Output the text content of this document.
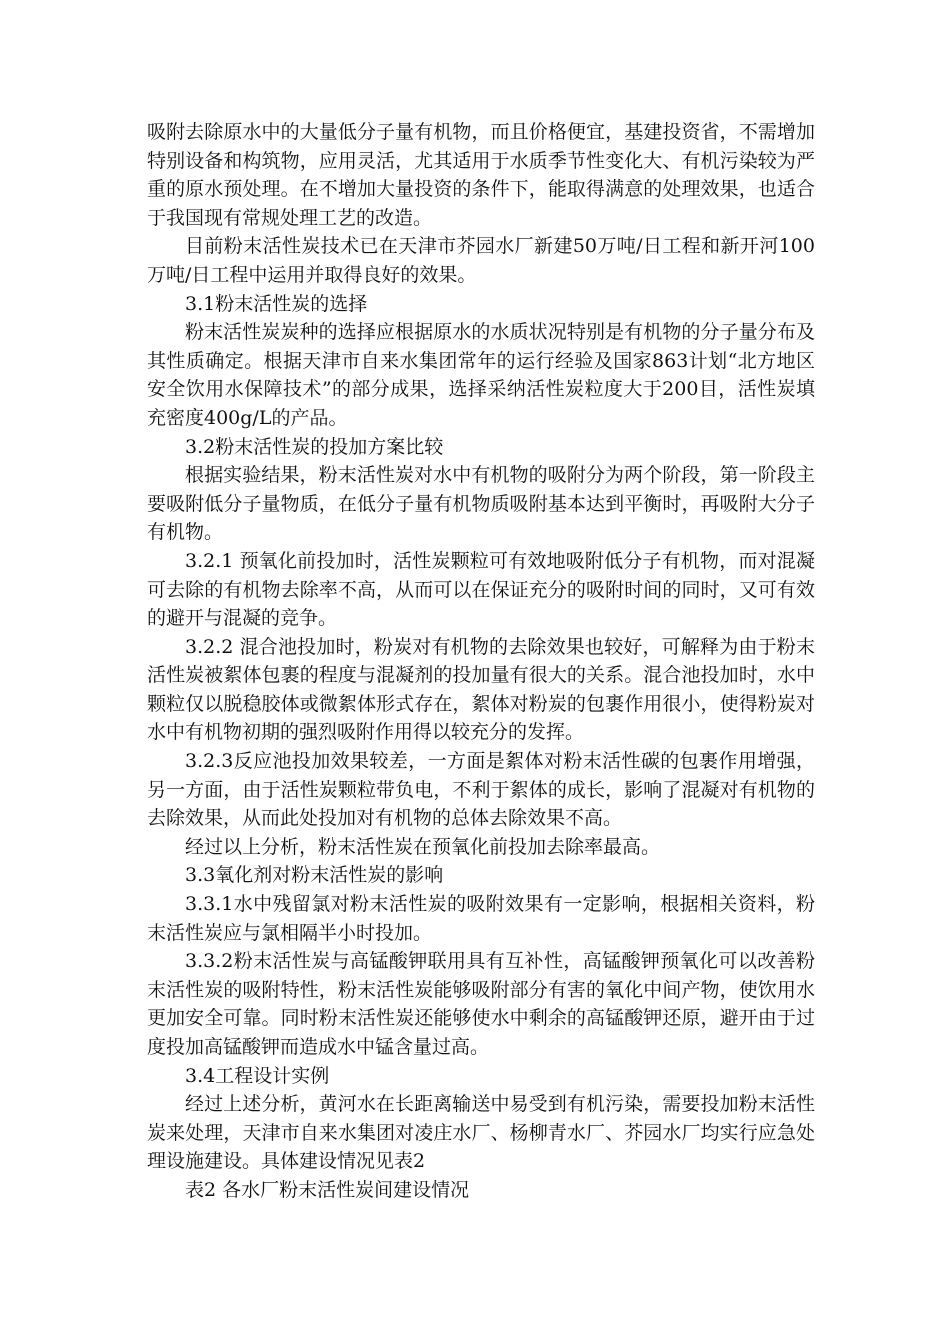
吸附去除原水中的大量低分子量有机物，而且价格便宜，基建投资省，不需增加特别设备和构筑物，应用灵活，尤其适用于水质季节性变化大、有机污染较为严重的原水预处理。在不增加大量投资的条件下，能取得满意的处理效果，也适合于我国现有常规处理工艺的改造。

目前粉末活性炭技术已在天津市芥园水厂新建50万吨/日工程和新开河100万吨/日工程中运用并取得良好的效果。

3.1粉末活性炭的选择

粉末活性炭炭种的选择应根据原水的水质状况特别是有机物的分子量分布及其性质确定。根据天津市自来水集团常年的运行经验及国家863计划“北方地区安全饮用水保障技术”的部分成果，选择采纳活性炭粒度大于200目，活性炭填充密度400g/L的产品。

3.2粉末活性炭的投加方案比较

根据实验结果，粉末活性炭对水中有机物的吸附分为两个阶段，第一阶段主要吸附低分子量物质，在低分子量有机物质吸附基本达到平衡时，再吸附大分子有机物。

3.2.1 预氧化前投加时，活性炭颗粒可有效地吸附低分子有机物，而对混凝可去除的有机物去除率不高，从而可以在保证充分的吸附时间的同时，又可有效的避开与混凝的竞争。

3.2.2 混合池投加时，粉炭对有机物的去除效果也较好，可解释为由于粉末活性炭被絮体包裹的程度与混凝剂的投加量有很大的关系。混合池投加时，水中颗粒仅以脱稳胶体或微絮体形式存在，絮体对粉炭的包裹作用很小，使得粉炭对水中有机物初期的强烈吸附作用得以较充分的发挥。

3.2.3反应池投加效果较差，一方面是絮体对粉末活性碳的包裹作用增强，另一方面，由于活性炭颗粒带负电，不利于絮体的成长，影响了混凝对有机物的去除效果，从而此处投加对有机物的总体去除效果不高。

经过以上分析，粉末活性炭在预氧化前投加去除率最高。

3.3氧化剂对粉末活性炭的影响

3.3.1水中残留氯对粉末活性炭的吸附效果有一定影响，根据相关资料，粉末活性炭应与氯相隔半小时投加。

3.3.2粉末活性炭与高锰酸钾联用具有互补性，高锰酸钾预氧化可以改善粉末活性炭的吸附特性，粉末活性炭能够吸附部分有害的氧化中间产物，使饮用水更加安全可靠。同时粉末活性炭还能够使水中剩余的高锰酸钾还原，避开由于过度投加高锰酸钾而造成水中锰含量过高。

3.4工程设计实例

经过上述分析，黄河水在长距离输送中易受到有机污染，需要投加粉末活性炭来处理，天津市自来水集团对凌庄水厂、杨柳青水厂、芥园水厂均实行应急处理设施建设。具体建设情况见表2

表2 各水厂粉末活性炭间建设情况
